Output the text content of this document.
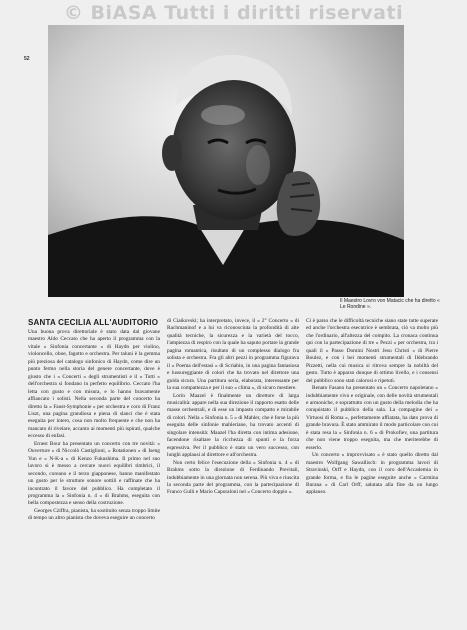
© BiASA Tutti i diritti riservati
52
Il Maestro Lovro von Matacic che ha diretto « Le Rondine ».
SANTA CECILIA ALL'AUDITORIO

Una buona prova direttoriale è stato data dal giovane maestro Aldo Ceccato che ha aperto il programma con la vitale « Sinfonia concertante » di Haydn per violino, violoncello, oboe, fagotto e orchestra. Per taluni è la gemma più preziosa del catalogo sinfonico di Haydn, come dire un punto fermo nella storia del genere concertante, dove è giusto che i « Concerti » degli strumentisti e il « Tutti » dell'orchestra si fondano in perfetto equilibrio. Ceccato l'ha letta con gusto e con misura, e lo hanno bravamente affiancato i solisti. Nella seconda parte del concerto ha diretto la « Faust-Symphonie » per orchestra e coro di Franz Liszt, una pagina grandiosa e piena di slanci che è stata eseguita per intero, cosa non molto frequente e che non ha mancato di rivelare, accanto ai momenti più ispirati, qualche eccesso di enfasi.

Ernest Bour ha presentato un concerto con tre novità: « Ouverture » di Niccolò Castiglioni, « Rotationen » di Iseng Yun e « N-K-a » di Kenzo Fukushima. Il primo nel suo lavoro si è messo a cercare nuovi equilibri timbrici, il secondo, coreano e il terzo giapponese, hanno manifestato un gusto per le strutture sonore sottili e raffinate che ha incontrato il favore del pubblico. Ha completato il programma la « Sinfonia n. 4 » di Brahms, eseguita con bella compostezza e senso della costruzione.

Georges Cziffra, pianista, ha sostituito senza troppo limite di tempo un altro pianista che doveva eseguire un concerto

di Ciaikovski; ha interpretato, invece, il « 2° Concerto » di Rachmaninof e a lui va riconosciuta la profondità di alte qualità tecniche, la sicurezza e la varietà del tocco, l'ampiezza di respiro con la quale ha saputo portare la grande pagina romantica, risultato di un complesso dialogo fra solista e orchestra. Fra gli altri pezzi in programma figurava il « Poema dell'estasi » di Scriabin, in una pagina fantasiosa e lussureggiante di colori che ha trovato nel direttore una guida sicura. Una partitura seria, elaborata, interessante per la sua compattezza e per il suo « clima », di sicuro mestiere.

Lorin Maazel è finalmente un direttore di larga musicalità: appare nella sua direzione il rapporto esatto delle masse orchestrali, e di esse un impasto compatto e mirabile di colori. Nella « Sinfonia n. 5 » di Mahler, che è forse la più eseguita delle sinfonie mahleriane, ha trovato accenti di singolare intensità: Maazel l'ha diretta con intima adesione, facendone risaltare la ricchezza di spunti e la forza espressiva. Per il pubblico è stato un vero successo, con lunghi applausi al direttore e all'orchestra.

Non certo felice l'esecuzione della « Sinfonia n. 4 » di Brahms sotto la direzione di Ferdinando Previtali, indubbiamente in una giornata non serena. Più viva e riuscita la seconda parte del programma, con la partecipazione di Franco Gulli e Mario Caporaloni nel « Concerto doppio ».

Ci è parso che le difficoltà tecniche siano state tutte superate ed anche l'orchestra esecutrice è sembrata, ciò va molto più che l'ordinario, all'altezza del compito. La cronaca continua qui con la partecipazione di tre « Pezzi » per orchestra, tra i quali il « Passo Domini Nostri Jesu Christi » di Pierre Boulez, e con i bei momenti strumentali di Ildebrando Pizzetti, nella cui musica si ritrova sempre la nobiltà del gesto. Tutto è apparso dunque di ottimo livello, e i consensi del pubblico sono stati calorosi e ripetuti.

Renato Fasano ha presentato un « Concerto napoletano » indubbiamente vivo e originale, con delle novità strumentali e armoniche, e soprattutto con un gusto della melodia che ha conquistato il pubblico della sala. La compagine dei « Virtuosi di Roma », perfettamente affiatata, ha dato prova di grande bravura. È stato ammirato il modo particolare con cui è stata resa la « Sinfonia n. 6 » di Prokofiev, una partitura che non viene troppo eseguita, ma che meriterebbe di esserlo.

Un concerto « improvvisato » è stato quello diretto dal maestro Wolfgang Sawallisch: in programma lavori di Stravinski, Orff e Haydn, con il coro dell'Accademia in grande forma, e fra le pagine eseguite anche « Carmina Burana » di Carl Orff, salutata alla fine da un lungo applauso.
